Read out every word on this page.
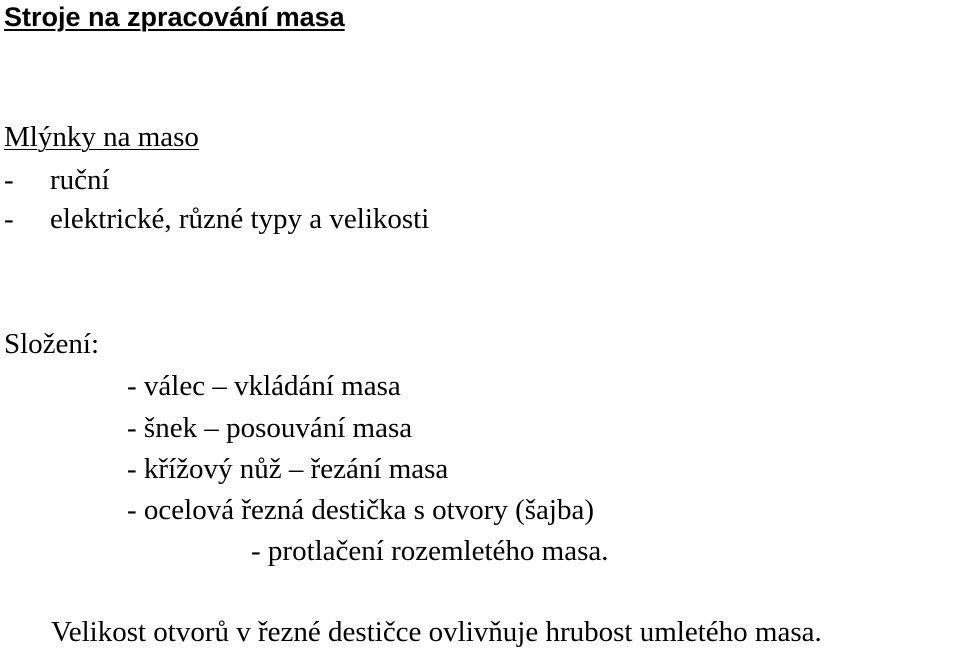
Stroje na zpracování masa
Mlýnky na maso
- ruční
- elektrické, různé typy a velikosti
Složení:
- válec – vkládání masa
- šnek – posouvání masa
- křížový nůž – řezání masa
- ocelová řezná destička s otvory (šajba)
- protlačení rozemletého masa.
Velikost otvorů v řezné destičce ovlivňuje hrubost umletého masa.
